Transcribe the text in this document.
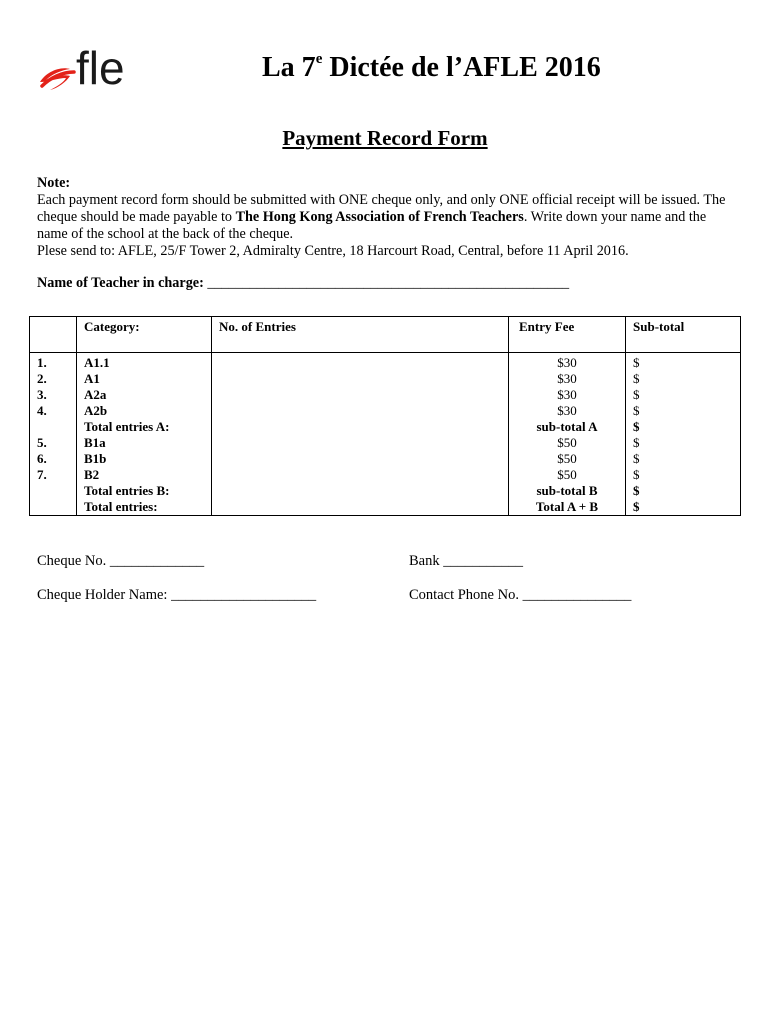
fle	La 7e Dictée de l’AFLE 2016
Payment Record Form
Note:
Each payment record form should be submitted with ONE cheque only, and only ONE official receipt will be issued. The cheque should be made payable to The Hong Kong Association of French Teachers. Write down your name and the name of the school at the back of the cheque.
Plese send to: AFLE, 25/F Tower 2, Admiralty Centre, 18 Harcourt Road, Central, before 11 April 2016.
Name of Teacher in charge: ___________________________________________________
	Category:	No. of Entries	Entry Fee	Sub-total
1.	A1.1		$30	$
2.	A1		$30	$
3.	A2a		$30	$
4.	A2b		$30	$
	Total entries A:		sub-total A	$
5.	B1a		$50	$
6.	B1b		$50	$
7.	B2		$50	$
	Total entries B:		sub-total B	$
	Total entries:		Total A + B	$
Cheque No. _____________	Bank ___________
Cheque Holder Name: ____________________	Contact Phone No. _______________
